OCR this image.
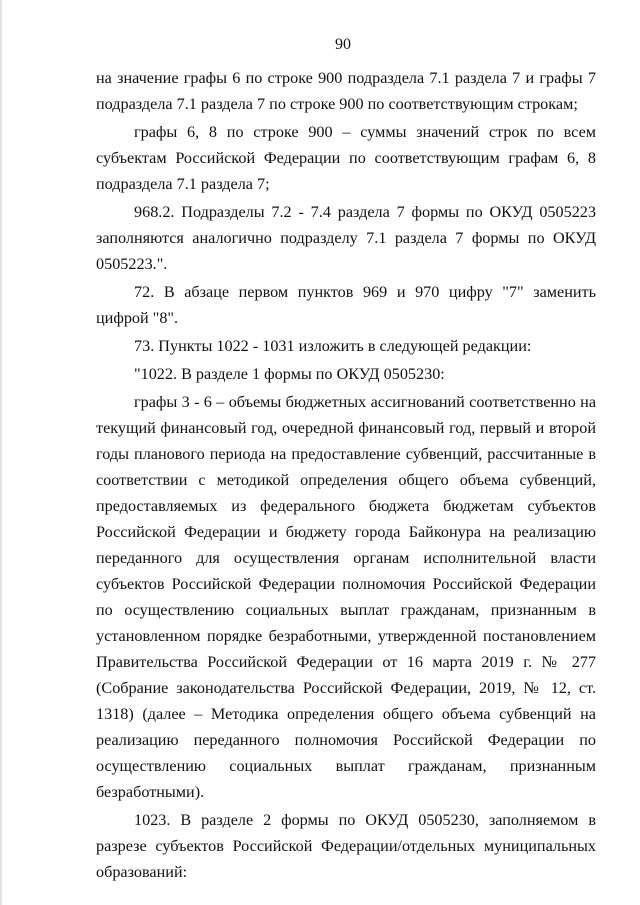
90

на значение графы 6 по строке 900 подраздела 7.1 раздела 7 и графы 7 подраздела 7.1 раздела 7 по строке 900 по соответствующим строкам;

графы 6, 8 по строке 900 – суммы значений строк по всем субъектам Российской Федерации по соответствующим графам 6, 8 подраздела 7.1 раздела 7;

968.2. Подразделы 7.2 - 7.4 раздела 7 формы по ОКУД 0505223 заполняются аналогично подразделу 7.1 раздела 7 формы по ОКУД 0505223.".

72. В абзаце первом пунктов 969 и 970 цифру "7" заменить цифрой "8".

73. Пункты 1022 - 1031 изложить в следующей редакции:

"1022. В разделе 1 формы по ОКУД 0505230:

графы 3 - 6 – объемы бюджетных ассигнований соответственно на текущий финансовый год, очередной финансовый год, первый и второй годы планового периода на предоставление субвенций, рассчитанные в соответствии с методикой определения общего объема субвенций, предоставляемых из федерального бюджета бюджетам субъектов Российской Федерации и бюджету города Байконура на реализацию переданного для осуществления органам исполнительной власти субъектов Российской Федерации полномочия Российской Федерации по осуществлению социальных выплат гражданам, признанным в установленном порядке безработными, утвержденной постановлением Правительства Российской Федерации от 16 марта 2019 г. № 277 (Собрание законодательства Российской Федерации, 2019, № 12, ст. 1318) (далее – Методика определения общего объема субвенций на реализацию переданного полномочия Российской Федерации по осуществлению социальных выплат гражданам, признанным безработными).

1023. В разделе 2 формы по ОКУД 0505230, заполняемом в разрезе субъектов Российской Федерации/отдельных муниципальных образований:
